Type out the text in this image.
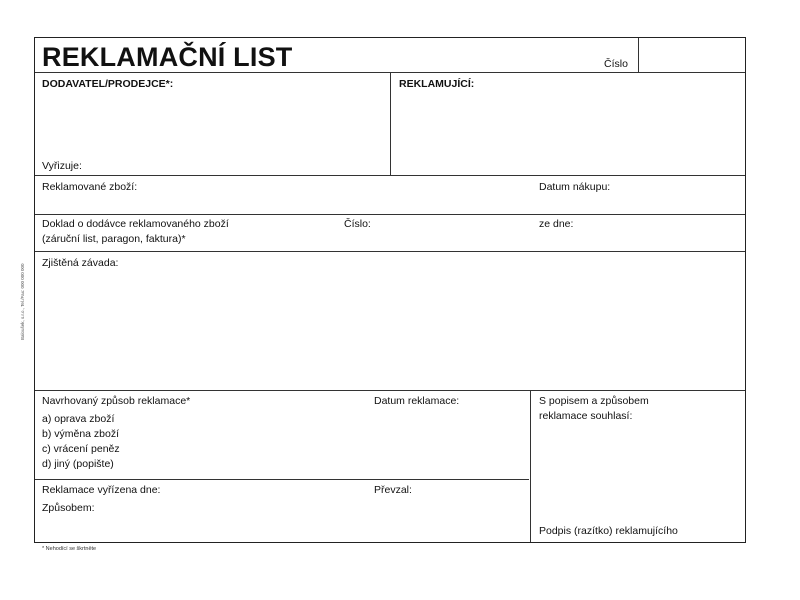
Baloušek, s.r.o., Tel./Fax: 000 000 000
REKLAMAČNÍ LIST	Číslo
DODAVATEL/PRODEJCE*:
Vyřizuje:
REKLAMUJÍCÍ:
Reklamované zboží:	Datum nákupu:
Doklad o dodávce reklamovaného zboží
(záruční list, paragon, faktura)*
Číslo:	ze dne:
Zjištěná závada:
Navrhovaný způsob reklamace*
a) oprava zboží
b) výměna zboží
c) vrácení peněz
d) jiný (popište)
Datum reklamace:	S popisem a způsobem
reklamace souhlasí:
Reklamace vyřízena dne:	Převzal:
Způsobem:
Podpis (razítko) reklamujícího
* Nehodící se škrtněte
